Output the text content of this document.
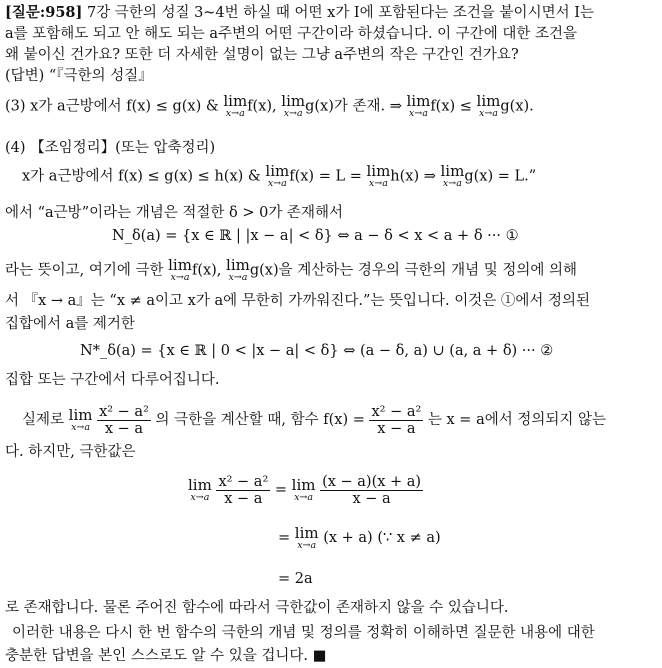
[질문:958] 7강 극한의 성질 3~4번 하실 때 어떤 x가 I에 포함된다는 조건을 붙이시면서 I는
a를 포함해도 되고 안 해도 되는 a주변의 어떤 구간이라 하셨습니다. 이 구간에 대한 조건을
왜 붙이신 건가요? 또한 더 자세한 설명이 없는 그냥 a주변의 작은 구간인 건가요?
(답변) “『극한의 성질』
(3) x가 a근방에서 f(x) ≤ g(x) & lim
x→a f(x), lim
x→a g(x)가 존재. ⇒ lim
x→a f(x) ≤ lim
x→a g(x).
(4) 【조임정리】(또는 압축정리)
x가 a근방에서 f(x) ≤ g(x) ≤ h(x) & lim
x→a f(x) = L = lim
x→a h(x) ⇒ lim
x→a g(x) = L.”
에서 “a근방”이라는 개념은 적절한 δ > 0가 존재해서
N_δ(a) = {x ∈ ℝ | |x − a| < δ} ⇔ a − δ < x < a + δ ··· ①
라는 뜻이고, 여기에 극한 lim
x→a f(x), lim
x→a g(x)을 계산하는 경우의 극한의 개념 및 정의에 의해
서 『x → a』는 “x ≠ a이고 x가 a에 무한히 가까워진다.”는 뜻입니다. 이것은 ①에서 정의된
집합에서 a를 제거한
N*_δ(a) = {x ∈ ℝ | 0 < |x − a| < δ} ⇔ (a − δ, a) ∪ (a, a + δ) ··· ②
집합 또는 구간에서 다루어집니다.
실제로 lim
x→a
$\frac{\text{x² − a²}}{x - a}$ 의 극한을 계산할 때, 함수 $f(x) = \frac{\text{x² − a²}}{x - a}$ 는 x = a에서 정의되지 않는
다. 하지만, 극한값은
lim
x→a
$\frac{\text{x² − a²}}{x - a} = \lim$
x→a
$\frac{(x - a)(x + a)}{x - a}$
= lim
x→a (x + a) (∵ x ≠ a)
= 2a
로 존재합니다. 물론 주어진 함수에 따라서 극한값이 존재하지 않을 수 있습니다.
이러한 내용은 다시 한 번 함수의 극한의 개념 및 정의를 정확히 이해하면 질문한 내용에 대한
충분한 답변을 본인 스스로도 알 수 있을 겁니다. ■
